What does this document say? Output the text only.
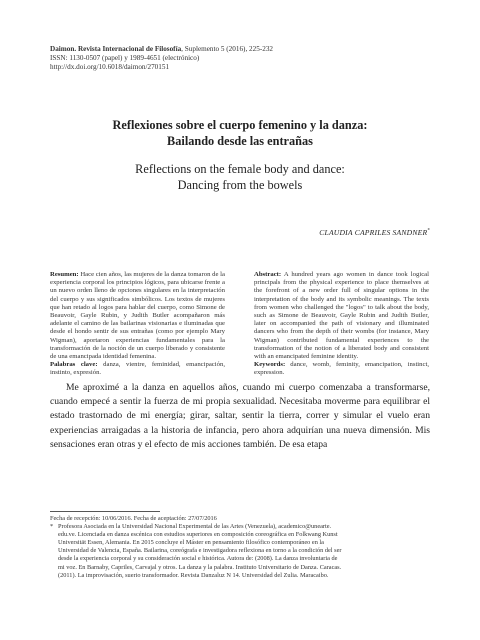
Daimon. Revista Internacional de Filosofía, Suplemento 5 (2016), 225-232
ISSN: 1130-0507 (papel) y 1989-4651 (electrónico)
http://dx.doi.org/10.6018/daimon/270151
Reflexiones sobre el cuerpo femenino y la danza:
Bailando desde las entrañas
Reflections on the female body and dance:
Dancing from the bowels
CLAUDIA CAPRILES SANDNER*
Resumen: Hace cien años, las mujeres de la danza tomaron de la experiencia corporal los principios lógicos, para ubicarse frente a un nuevo orden lleno de opciones singulares en la interpretación del cuerpo y sus significados simbólicos. Los textos de mujeres que han retado al logos para hablar del cuerpo, como Simone de Beauvoir, Gayle Rubin, y Judith Butler acompañaron más adelante el camino de las bailarinas visionarias e iluminadas que desde el hondo sentir de sus entrañas (como por ejemplo Mary Wigman), aportaron experiencias fundamentales para la transformación de la noción de un cuerpo liberado y consistente de una emancipada identidad femenina.
Palabras clave: danza, vientre, feminidad, emancipación, instinto, expresión.
Abstract: A hundred years ago women in dance took logical principals from the physical experience to place themselves at the forefront of a new order full of singular options in the interpretation of the body and its symbolic meanings. The texts from women who challenged the "logos" to talk about the body, such as Simone de Beauvoir, Gayle Rubin and Judith Butler, later on accompanied the path of visionary and illuminated dancers who from the depth of their wombs (for instance, Mary Wigman) contributed fundamental experiences to the transformation of the notion of a liberated body and consistent with an emancipated feminine identity.
Keywords: dance, womb, feminity, emancipation, instinct, expression.

Me aproximé a la danza en aquellos años, cuando mi cuerpo comenzaba a transformarse, cuando empecé a sentir la fuerza de mi propia sexualidad. Necesitaba moverme para equilibrar el estado trastornado de mi energía; girar, saltar, sentir la tierra, correr y simular el vuelo eran experiencias arraigadas a la historia de infancia, pero ahora adquirían una nueva dimensión. Mis sensaciones eran otras y el efecto de mis acciones también. De esa etapa

Fecha de recepción: 10/06/2016. Fecha de aceptación: 27/07/2016
* Profesora Asociada en la Universidad Nacional Experimental de las Artes (Venezuela), academico@unearte.
edu.ve. Licenciada en danza escénica con estudios superiores en composición coreográfica en Folkwang Kunst
Universität Essen, Alemania. En 2015 concluye el Máster en pensamiento filosófico contemporáneo en la
Universidad de Valencia, España. Bailarina, coreógrafa e investigadora reflexiona en torno a la condición del ser
desde la experiencia corporal y su consideración social e histórica. Autora de: (2008). La danza involuntaria de
mi voz. En Barnaby, Capriles, Carvajal y otros. La danza y la palabra. Instituto Universitario de Danza. Caracas.
(2011). La improvisación, suerio transformador. Revista Danzaluz N 14. Universidad del Zulia. Maracaibo.
